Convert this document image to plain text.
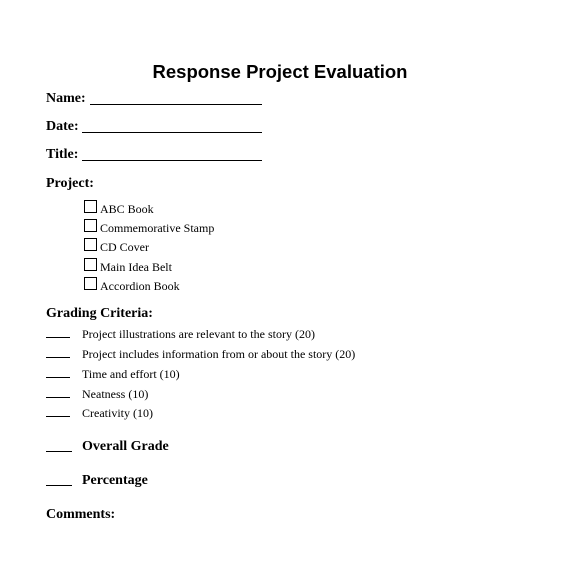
Response Project Evaluation
Name:
Date:
Title:
Project:
ABC Book
Commemorative Stamp
CD Cover
Main Idea Belt
Accordion Book
Grading Criteria:
Project illustrations are relevant to the story (20)
Project includes information from or about the story (20)
Time and effort (10)
Neatness (10)
Creativity (10)
Overall Grade
Percentage
Comments:
